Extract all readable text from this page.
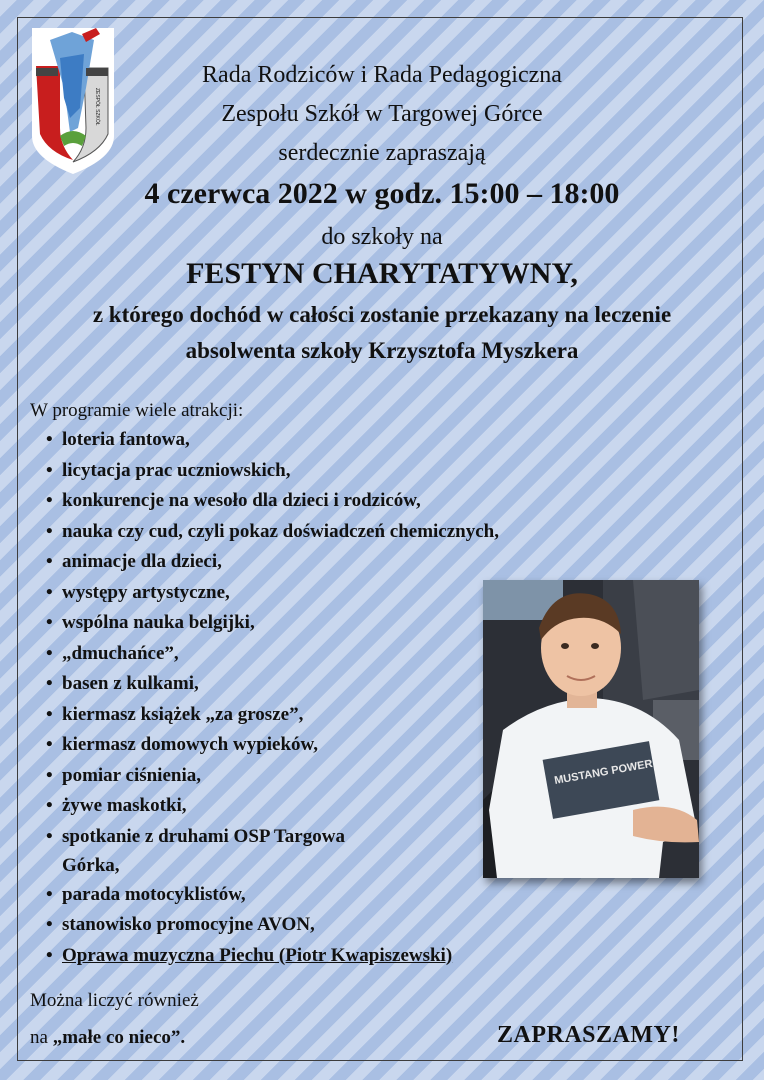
ZESPÓŁ SZKÓŁ
Rada Rodziców i Rada Pedagogiczna
Zespołu Szkół w Targowej Górce
serdecznie zapraszają
4 czerwca 2022 w godz. 15:00 – 18:00
do szkoły na
FESTYN CHARYTATYWNY,
z którego dochód w całości zostanie przekazany na leczenie
absolwenta szkoły Krzysztofa Myszkera
W programie wiele atrakcji:
• loteria fantowa,
• licytacja prac uczniowskich,
• konkurencje na wesoło dla dzieci i rodziców,
• nauka czy cud, czyli pokaz doświadczeń chemicznych,
• animacje dla dzieci,
• występy artystyczne,
• wspólna nauka belgijki,
• „dmuchańce”,
• basen z kulkami,
• kiermasz książek „za grosze”,
• kiermasz domowych wypieków,
• pomiar ciśnienia,
• żywe maskotki,
• spotkanie z druhami OSP Targowa Górka,
• parada motocyklistów,
• stanowisko promocyjne AVON,
• Oprawa muzyczna Piechu (Piotr Kwapiszewski)
MUSTANG POWER
Można liczyć również
na „małe co nieco”.	ZAPRASZAMY!
